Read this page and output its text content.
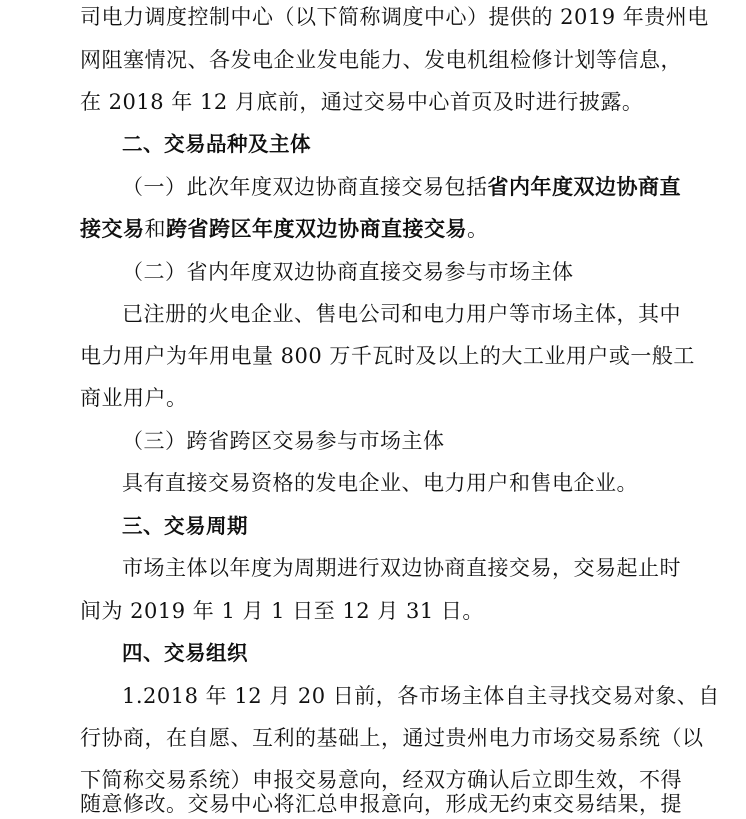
司电力调度控制中心（以下简称调度中心）提供的 2019 年贵州电
网阻塞情况、各发电企业发电能力、发电机组检修计划等信息，
在 2018 年 12 月底前，通过交易中心首页及时进行披露。
二、交易品种及主体
（一）此次年度双边协商直接交易包括省内年度双边协商直
接交易和跨省跨区年度双边协商直接交易。
（二）省内年度双边协商直接交易参与市场主体
已注册的火电企业、售电公司和电力用户等市场主体，其中
电力用户为年用电量 800 万千瓦时及以上的大工业用户或一般工
商业用户。
（三）跨省跨区交易参与市场主体
具有直接交易资格的发电企业、电力用户和售电企业。
三、交易周期
市场主体以年度为周期进行双边协商直接交易，交易起止时
间为 2019 年 1 月 1 日至 12 月 31 日。
四、交易组织
1.2018 年 12 月 20 日前，各市场主体自主寻找交易对象、自
行协商，在自愿、互利的基础上，通过贵州电力市场交易系统（以
下简称交易系统）申报交易意向，经双方确认后立即生效，不得
随意修改。交易中心将汇总申报意向，形成无约束交易结果，提
